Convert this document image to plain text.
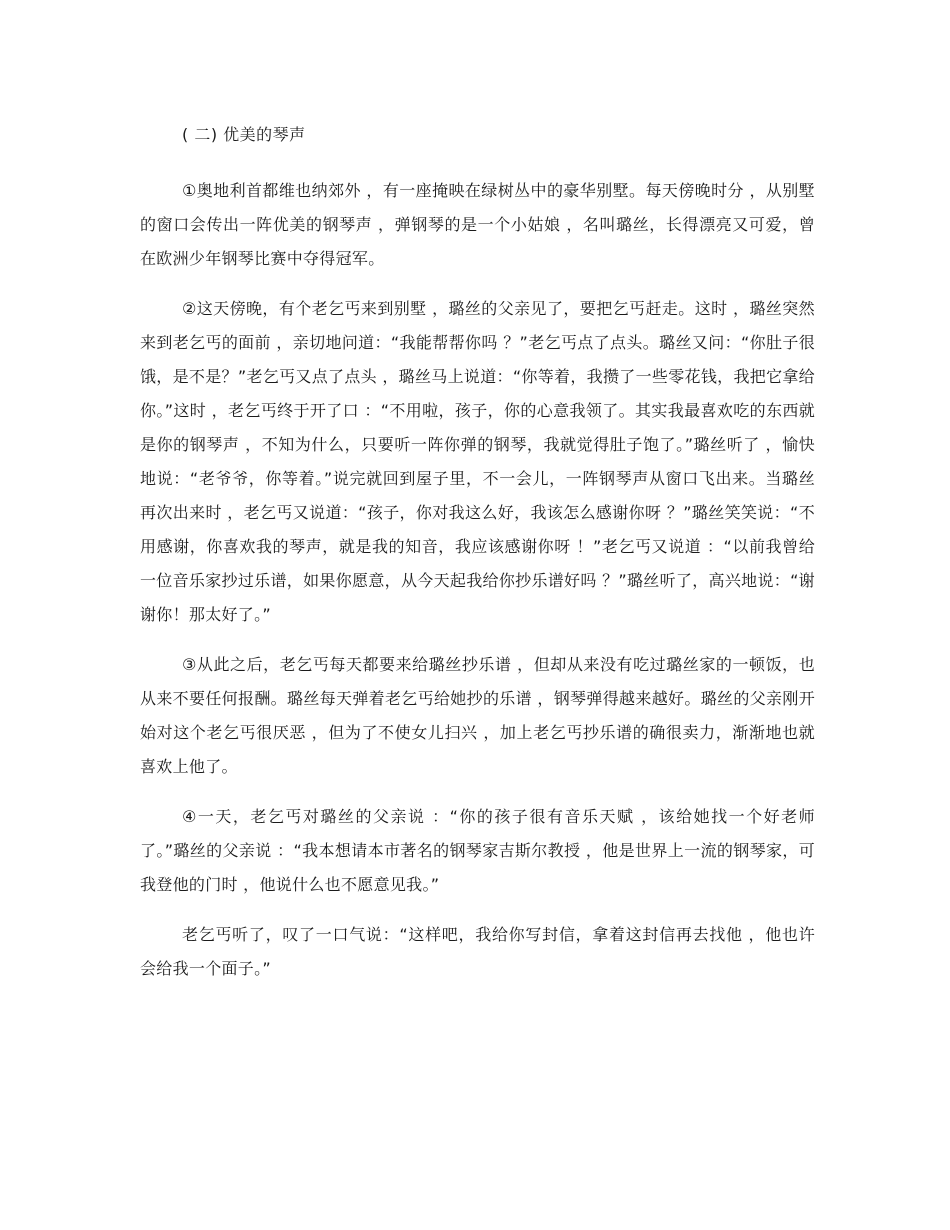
( 二) 优美的琴声

①奥地利首都维也纳郊外 ，有一座掩映在绿树丛中的豪华别墅。每天傍晚时分 ，从别墅的窗口会传出一阵优美的钢琴声 ，弹钢琴的是一个小姑娘 ，名叫璐丝，长得漂亮又可爱，曾在欧洲少年钢琴比赛中夺得冠军。

②这天傍晚，有个老乞丐来到别墅 ，璐丝的父亲见了，要把乞丐赶走。这时 ，璐丝突然来到老乞丐的面前 ，亲切地问道：“我能帮帮你吗 ？”老乞丐点了点头。璐丝又问：“你肚子很饿，是不是？”老乞丐又点了点头 ，璐丝马上说道：“你等着，我攒了一些零花钱，我把它拿给你。”这时 ，老乞丐终于开了口 ：“不用啦，孩子，你的心意我领了。其实我最喜欢吃的东西就是你的钢琴声 ，不知为什么，只要听一阵你弹的钢琴，我就觉得肚子饱了。”璐丝听了 ，愉快地说：“老爷爷，你等着。”说完就回到屋子里，不一会儿，一阵钢琴声从窗口飞出来。当璐丝再次出来时 ，老乞丐又说道：“孩子，你对我这么好，我该怎么感谢你呀 ？”璐丝笑笑说：“不用感谢，你喜欢我的琴声，就是我的知音，我应该感谢你呀 ！”老乞丐又说道 ：“以前我曾给一位音乐家抄过乐谱，如果你愿意，从今天起我给你抄乐谱好吗 ？”璐丝听了，高兴地说：“谢谢你！那太好了。”

③从此之后，老乞丐每天都要来给璐丝抄乐谱 ，但却从来没有吃过璐丝家的一顿饭，也从来不要任何报酬。璐丝每天弹着老乞丐给她抄的乐谱 ，钢琴弹得越来越好。璐丝的父亲刚开始对这个老乞丐很厌恶 ，但为了不使女儿扫兴 ，加上老乞丐抄乐谱的确很卖力，渐渐地也就喜欢上他了。

④一天，老乞丐对璐丝的父亲说 ：“你的孩子很有音乐天赋 ，该给她找一个好老师了。”璐丝的父亲说 ：“我本想请本市著名的钢琴家吉斯尔教授 ，他是世界上一流的钢琴家，可我登他的门时 ，他说什么也不愿意见我。”

老乞丐听了，叹了一口气说：“这样吧，我给你写封信，拿着这封信再去找他 ，他也许会给我一个面子。”
